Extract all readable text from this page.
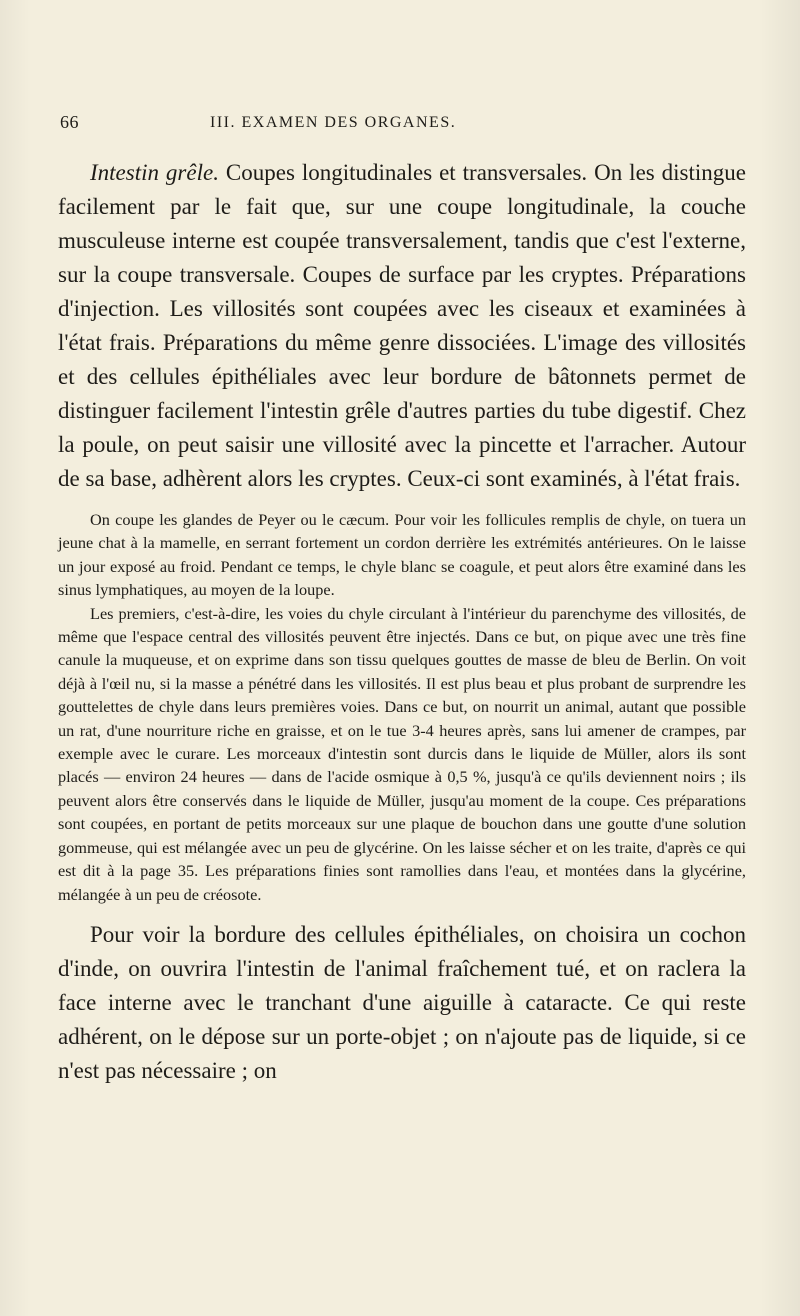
66	III. EXAMEN DES ORGANES.

Intestin grêle. Coupes longitudinales et transversales. On les distingue facilement par le fait que, sur une coupe longitudinale, la couche musculeuse interne est coupée transversalement, tandis que c'est l'externe, sur la coupe transversale. Coupes de surface par les cryptes. Préparations d'injection. Les villosités sont coupées avec les ciseaux et examinées à l'état frais. Préparations du même genre dissociées. L'image des villosités et des cellules épithéliales avec leur bordure de bâtonnets permet de distinguer facilement l'intestin grêle d'autres parties du tube digestif. Chez la poule, on peut saisir une villosité avec la pincette et l'arracher. Autour de sa base, adhèrent alors les cryptes. Ceux-ci sont examinés, à l'état frais.

On coupe les glandes de Peyer ou le cæcum. Pour voir les follicules remplis de chyle, on tuera un jeune chat à la mamelle, en serrant fortement un cordon derrière les extrémités antérieures. On le laisse un jour exposé au froid. Pendant ce temps, le chyle blanc se coagule, et peut alors être examiné dans les sinus lymphatiques, au moyen de la loupe.

Les premiers, c'est-à-dire, les voies du chyle circulant à l'intérieur du parenchyme des villosités, de même que l'espace central des villosités peuvent être injectés. Dans ce but, on pique avec une très fine canule la muqueuse, et on exprime dans son tissu quelques gouttes de masse de bleu de Berlin. On voit déjà à l'œil nu, si la masse a pénétré dans les villosités. Il est plus beau et plus probant de surprendre les gouttelettes de chyle dans leurs premières voies. Dans ce but, on nourrit un animal, autant que possible un rat, d'une nourriture riche en graisse, et on le tue 3-4 heures après, sans lui amener de crampes, par exemple avec le curare. Les morceaux d'intestin sont durcis dans le liquide de Müller, alors ils sont placés — environ 24 heures — dans de l'acide osmique à 0,5 %, jusqu'à ce qu'ils deviennent noirs ; ils peuvent alors être conservés dans le liquide de Müller, jusqu'au moment de la coupe. Ces préparations sont coupées, en portant de petits morceaux sur une plaque de bouchon dans une goutte d'une solution gommeuse, qui est mélangée avec un peu de glycérine. On les laisse sécher et on les traite, d'après ce qui est dit à la page 35. Les préparations finies sont ramollies dans l'eau, et montées dans la glycérine, mélangée à un peu de créosote.

Pour voir la bordure des cellules épithéliales, on choisira un cochon d'inde, on ouvrira l'intestin de l'animal fraîchement tué, et on raclera la face interne avec le tranchant d'une aiguille à cataracte. Ce qui reste adhérent, on le dépose sur un porte-objet ; on n'ajoute pas de liquide, si ce n'est pas nécessaire ; on
